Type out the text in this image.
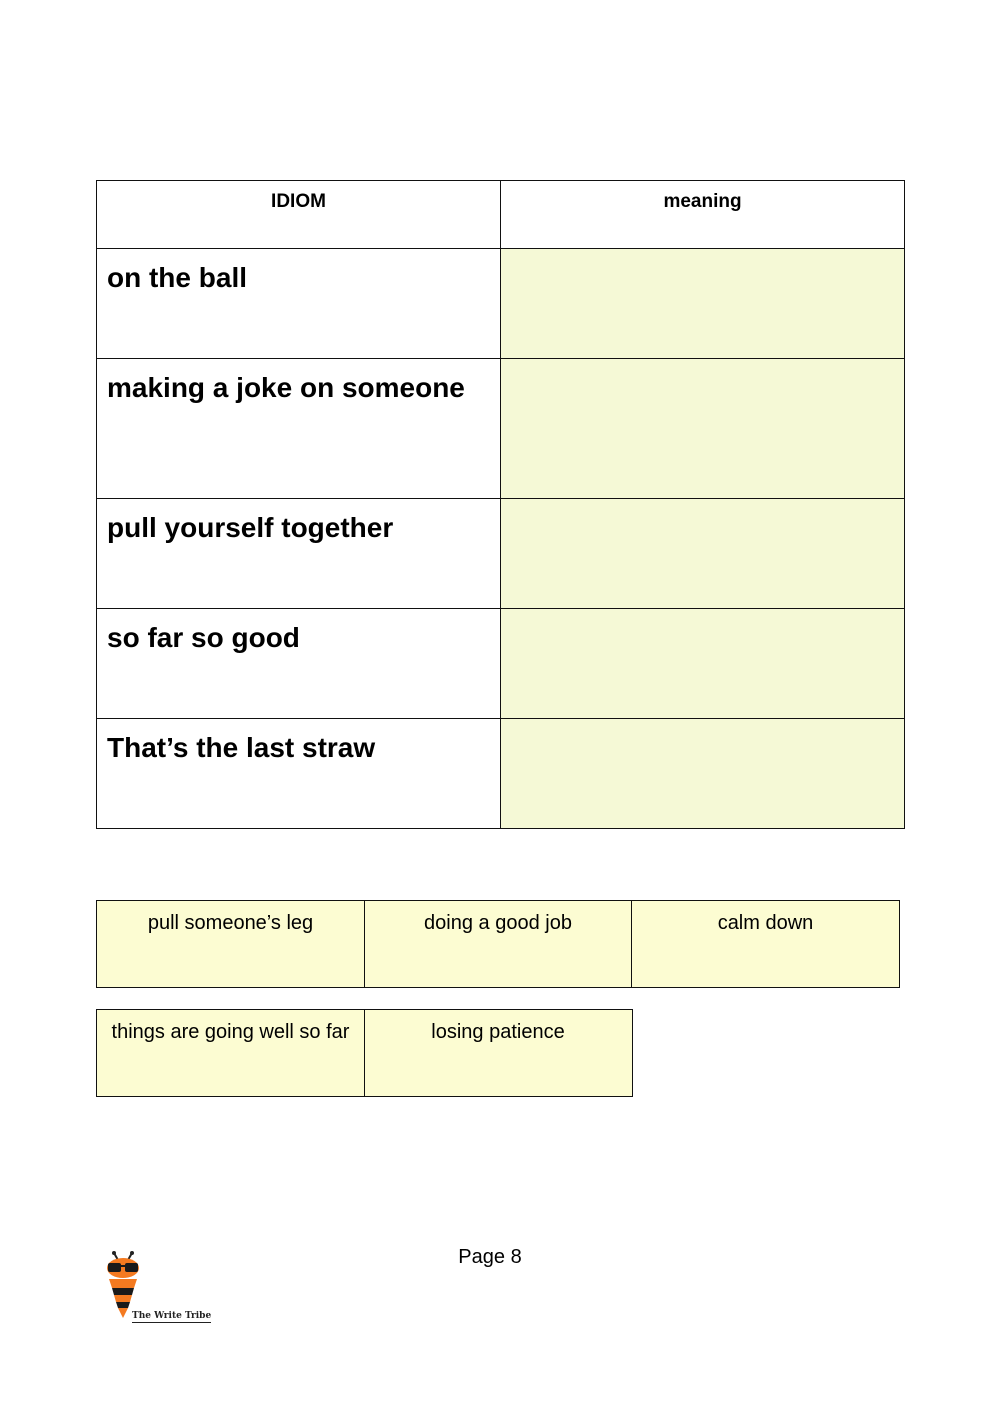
IDIOM	meaning
on the ball	
making a joke on someone	
pull yourself together	
so far so good	
That’s the last straw	
pull someone’s leg	doing a good job	calm down
things are going well so far	losing patience
Page 8
The Write Tribe
